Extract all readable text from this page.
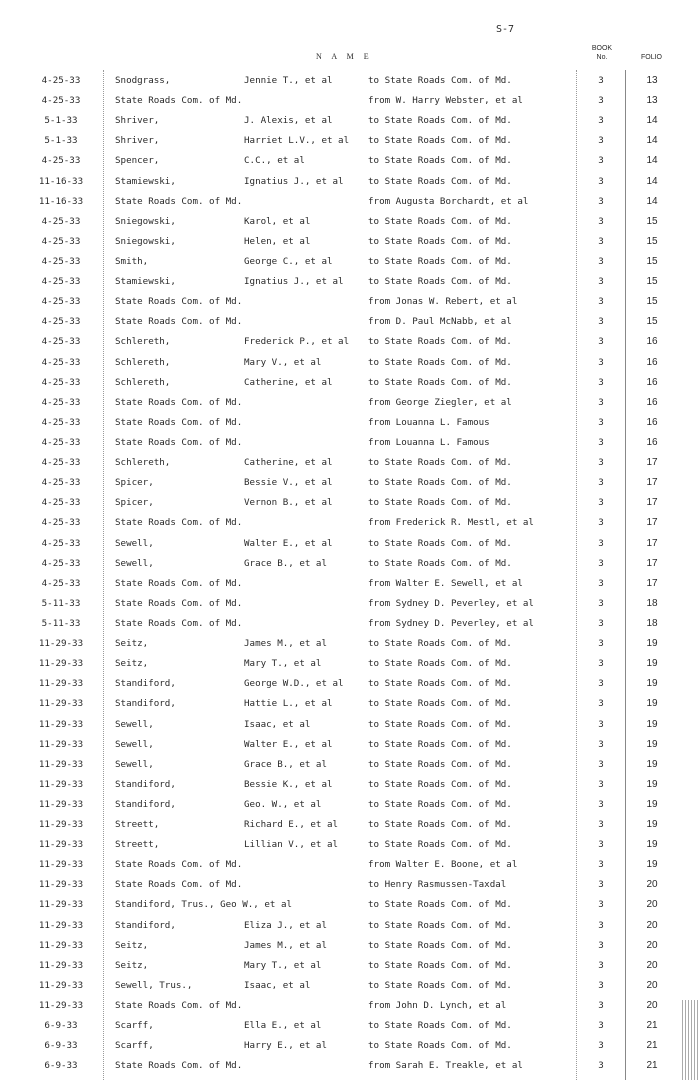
S-7
N A M E
BOOK
No.	FOLIO
4-25-33	Snodgrass,	Jennie T., et al	to State Roads Com. of Md.	3	13
4-25-33	State Roads Com. of Md.	from W. Harry Webster, et al	3	13
5-1-33	Shriver,	J. Alexis, et al	to State Roads Com. of Md.	3	14
5-1-33	Shriver,	Harriet L.V., et al to State Roads Com. of Md.	3	14
4-25-33	Spencer,	C.C., et al	to State Roads Com. of Md.	3	14
11-16-33	Stamiewski,	Ignatius J., et al	to State Roads Com. of Md.	3	14
11-16-33	State Roads Com. of Md.	from Augusta Borchardt, et al	3	14
4-25-33	Sniegowski,	Karol, et al	to State Roads Com. of Md.	3	15
4-25-33	Sniegowski,	Helen, et al	to State Roads Com. of Md.	3	15
4-25-33	Smith,	George C., et al	to State Roads Com. of Md.	3	15
4-25-33	Stamiewski,	Ignatius J., et al	to State Roads Com. of Md.	3	15
4-25-33	State Roads Com. of Md.	from Jonas W. Rebert, et al	3	15
4-25-33	State Roads Com. of Md.	from D. Paul McNabb, et al	3	15
4-25-33	Schlereth,	Frederick P., et al to State Roads Com. of Md.	3	16
4-25-33	Schlereth,	Mary V., et al	to State Roads Com. of Md.	3	16
4-25-33	Schlereth,	Catherine, et al	to State Roads Com. of Md.	3	16
4-25-33	State Roads Com. of Md.	from George Ziegler, et al	3	16
4-25-33	State Roads Com. of Md.	from Louanna L. Famous	3	16
4-25-33	State Roads Com. of Md.	from Louanna L. Famous	3	16
4-25-33	Schlereth,	Catherine, et al	to State Roads Com. of Md.	3	17
4-25-33	Spicer,	Bessie V., et al	to State Roads Com. of Md.	3	17
4-25-33	Spicer,	Vernon B., et al	to State Roads Com. of Md.	3	17
4-25-33	State Roads Com. of Md.	from Frederick R. Mestl, et al	3	17
4-25-33	Sewell,	Walter E., et al	to State Roads Com. of Md.	3	17
4-25-33	Sewell,	Grace B., et al	to State Roads Com. of Md.	3	17
4-25-33	State Roads Com. of Md.	from Walter E. Sewell, et al	3	17
5-11-33	State Roads Com. of Md.	from Sydney D. Peverley, et al	3	18
5-11-33	State Roads Com. of Md.	from Sydney D. Peverley, et al	3	18
11-29-33	Seitz,	James M., et al	to State Roads Com. of Md.	3	19
11-29-33	Seitz,	Mary T., et al	to State Roads Com. of Md.	3	19
11-29-33	Standiford,	George W.D., et al	to State Roads Com. of Md.	3	19
11-29-33	Standiford,	Hattie L., et al	to State Roads Com. of Md.	3	19
11-29-33	Sewell,	Isaac, et al	to State Roads Com. of Md.	3	19
11-29-33	Sewell,	Walter E., et al	to State Roads Com. of Md.	3	19
11-29-33	Sewell,	Grace B., et al	to State Roads Com. of Md.	3	19
11-29-33	Standiford,	Bessie K., et al	to State Roads Com. of Md.	3	19
11-29-33	Standiford,	Geo. W., et al	to State Roads Com. of Md.	3	19
11-29-33	Streett,	Richard E., et al	to State Roads Com. of Md.	3	19
11-29-33	Streett,	Lillian V., et al	to State Roads Com. of Md.	3	19
11-29-33	State Roads Com. of Md.	from Walter E. Boone, et al	3	19
11-29-33	State Roads Com. of Md.	to Henry Rasmussen-Taxdal	3	20
11-29-33	Standiford, Trus., Geo W., et al	to State Roads Com. of Md.	3	20
11-29-33	Standiford,	Eliza J., et al	to State Roads Com. of Md.	3	20
11-29-33	Seitz,	James M., et al	to State Roads Com. of Md.	3	20
11-29-33	Seitz,	Mary T., et al	to State Roads Com. of Md.	3	20
11-29-33	Sewell, Trus.,	Isaac, et al	to State Roads Com. of Md.	3	20
11-29-33	State Roads Com. of Md.	from John D. Lynch, et al	3	20
6-9-33	Scarff,	Ella E., et al	to State Roads Com. of Md.	3	21
6-9-33	Scarff,	Harry E., et al	to State Roads Com. of Md.	3	21
6-9-33	State Roads Com. of Md.	from Sarah E. Treakle, et al	3	21
